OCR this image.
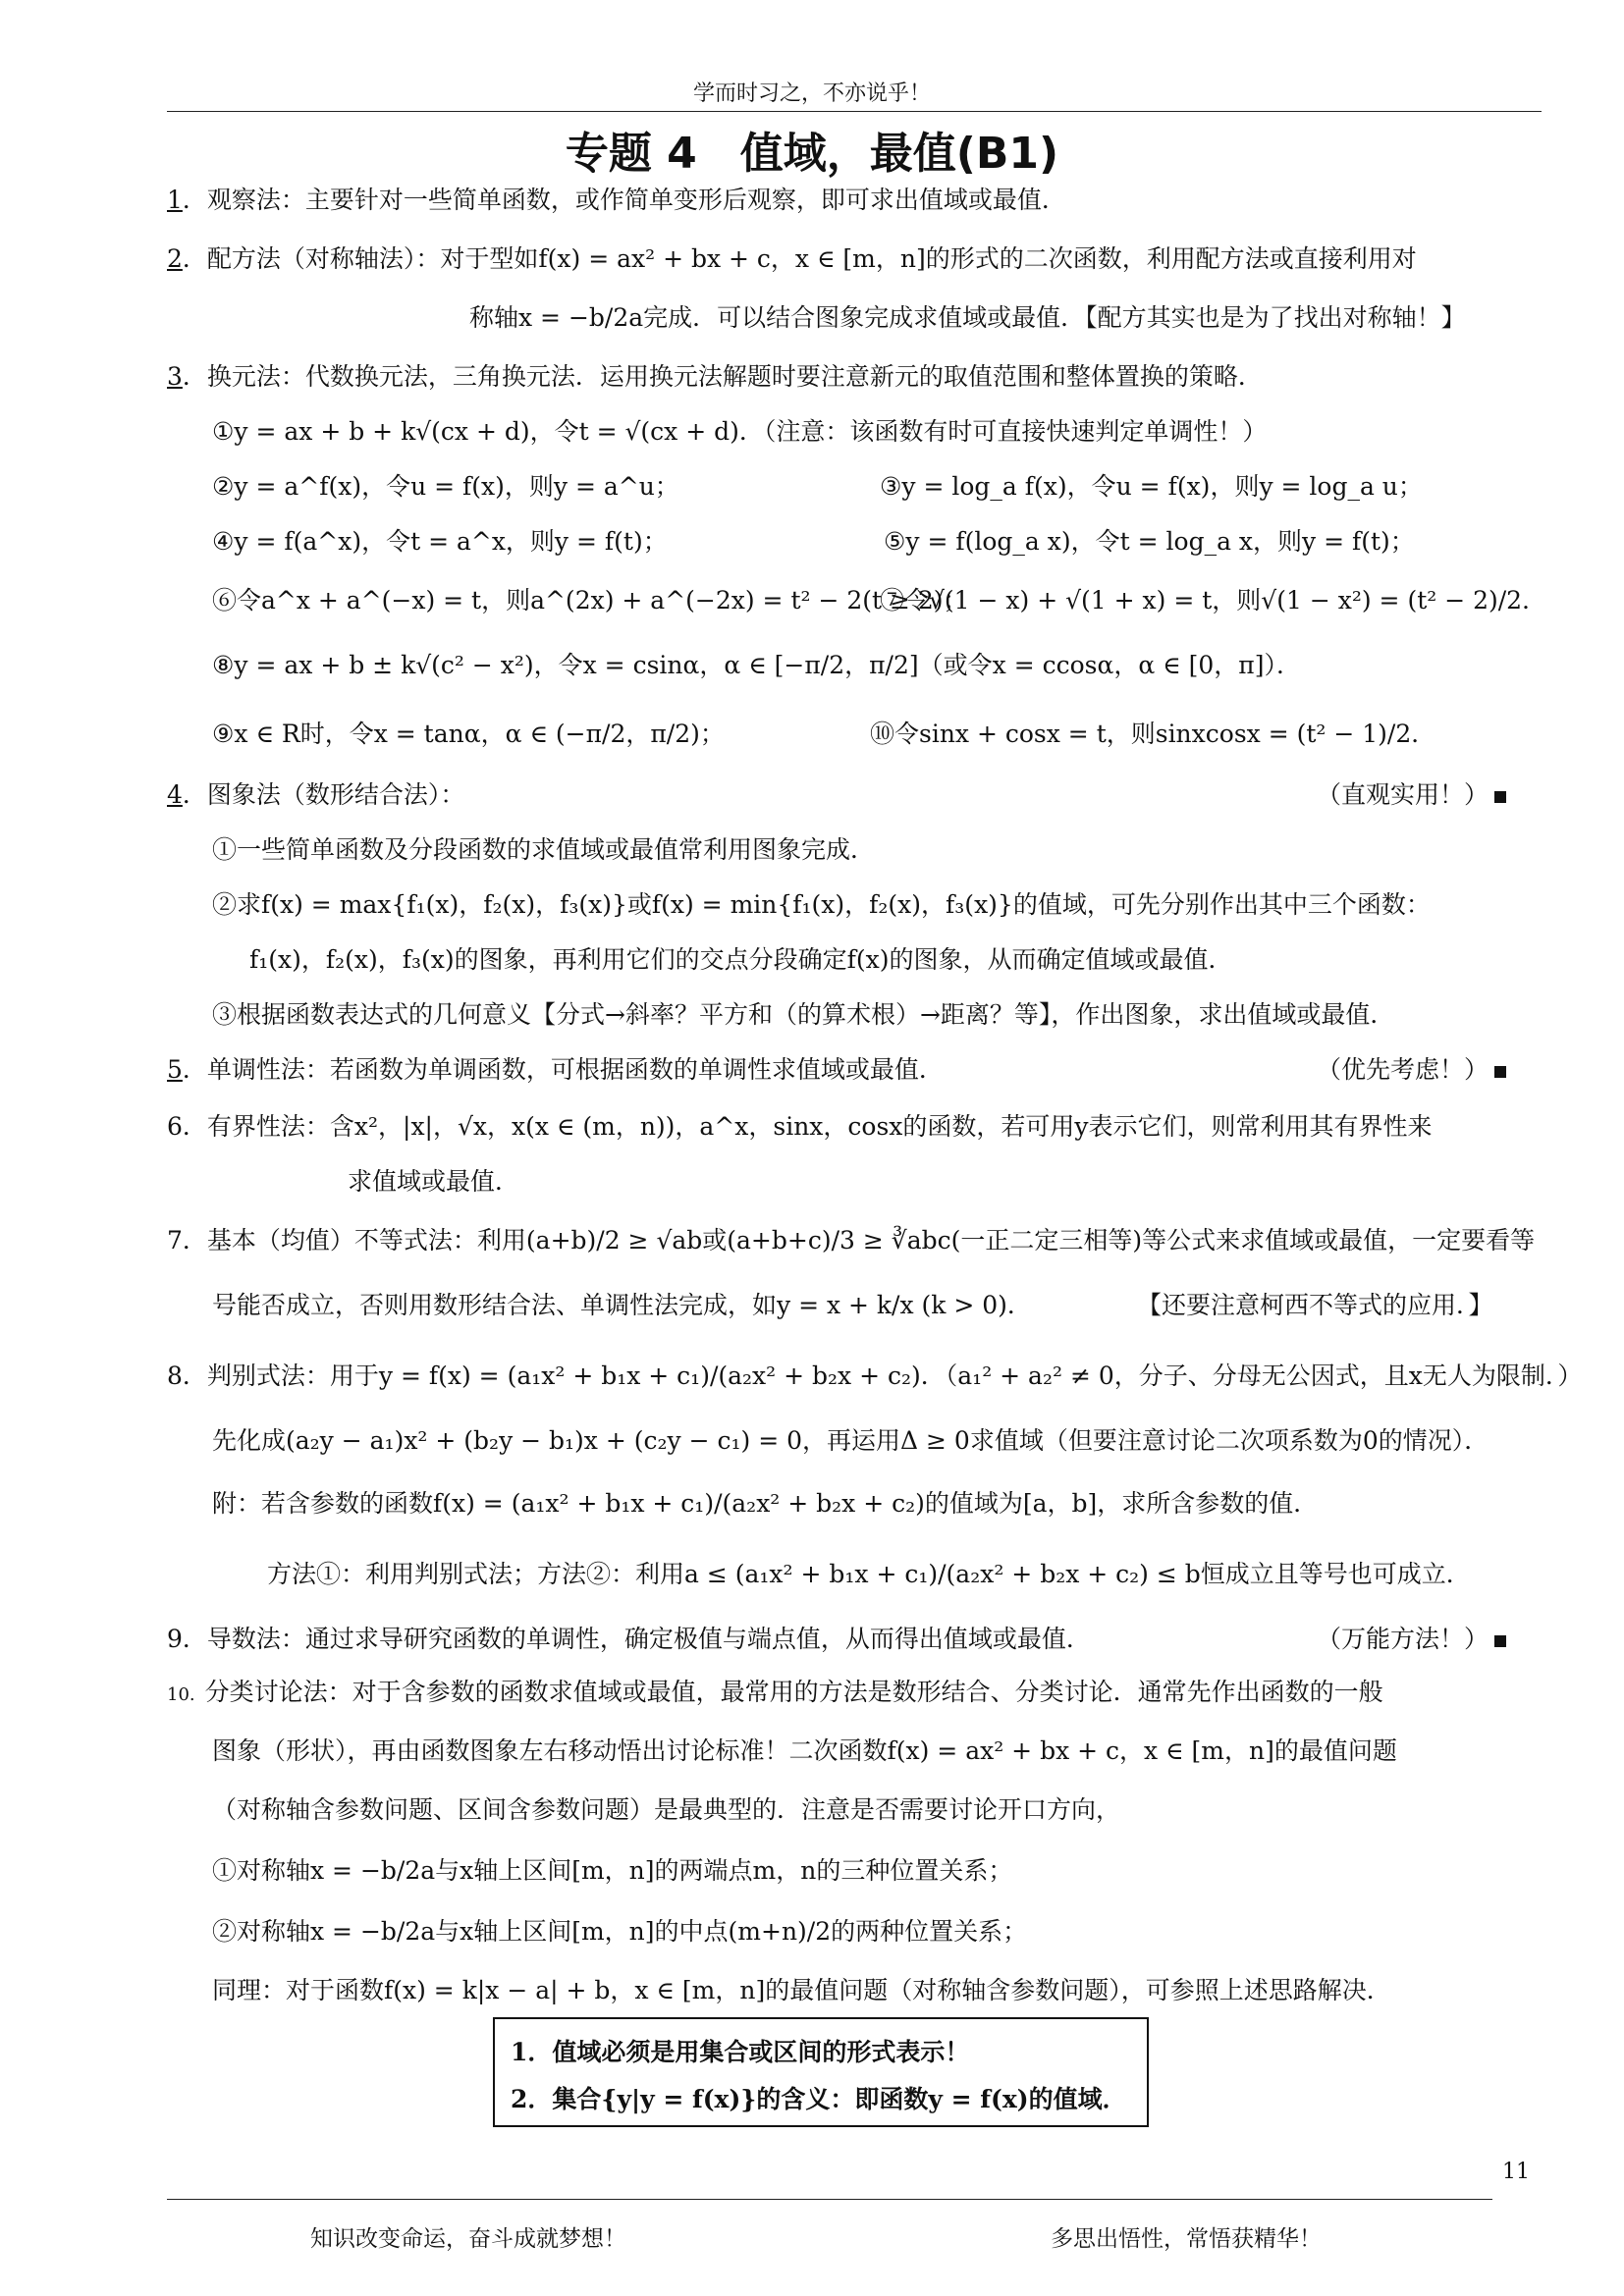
学而时习之，不亦说乎！
专题 4　值域，最值(B1)
1．观察法：主要针对一些简单函数，或作简单变形后观察，即可求出值域或最值．
2．配方法（对称轴法）：对于型如f(x) = ax² + bx + c，x ∈ [m，n]的形式的二次函数，利用配方法或直接利用对
称轴x = −b/2a完成．可以结合图象完成求值域或最值．【配方其实也是为了找出对称轴！】
3．换元法：代数换元法，三角换元法．运用换元法解题时要注意新元的取值范围和整体置换的策略．
①y = ax + b + k√(cx + d)，令t = √(cx + d)．（注意：该函数有时可直接快速判定单调性！）
②y = a^f(x)，令u = f(x)，则y = a^u；	③y = log_a f(x)，令u = f(x)，则y = log_a u；
④y = f(a^x)，令t = a^x，则y = f(t)；	⑤y = f(log_a x)，令t = log_a x，则y = f(t)；
⑥令a^x + a^(−x) = t，则a^(2x) + a^(−2x) = t² − 2(t ≥ 2)；
⑦令√(1 − x) + √(1 + x) = t，则√(1 − x²) = (t² − 2)/2．
⑧y = ax + b ± k√(c² − x²)，令x = csinα，α ∈ [−π/2，π/2]（或令x = ccosα，α ∈ [0，π]）．
⑨x ∈ R时，令x = tanα，α ∈ (−π/2，π/2)；	⑩令sinx + cosx = t，则sinxcosx = (t² − 1)/2．
4．图象法（数形结合法）：	（直观实用！）
①一些简单函数及分段函数的求值域或最值常利用图象完成．
②求f(x) = max{f₁(x)，f₂(x)，f₃(x)}或f(x) = min{f₁(x)，f₂(x)，f₃(x)}的值域，可先分别作出其中三个函数：
f₁(x)，f₂(x)，f₃(x)的图象，再利用它们的交点分段确定f(x)的图象，从而确定值域或最值．
③根据函数表达式的几何意义【分式→斜率？平方和（的算术根）→距离？等】，作出图象，求出值域或最值．
5．单调性法：若函数为单调函数，可根据函数的单调性求值域或最值．	（优先考虑！）
6．有界性法：含x²，|x|，√x，x(x ∈ (m，n))，a^x，sinx，cosx的函数，若可用y表示它们，则常利用其有界性来
求值域或最值．
7．基本（均值）不等式法：利用(a+b)/2 ≥ √ab或(a+b+c)/3 ≥ ∛abc(一正二定三相等)等公式来求值域或最值，一定要看等
号能否成立，否则用数形结合法、单调性法完成，如y = x + k/x (k > 0)．	【还要注意柯西不等式的应用．】
8．判别式法：用于y = f(x) = (a₁x² + b₁x + c₁)/(a₂x² + b₂x + c₂)．（a₁² + a₂² ≠ 0，分子、分母无公因式，且x无人为限制．）
先化成(a₂y − a₁)x² + (b₂y − b₁)x + (c₂y − c₁) = 0，再运用Δ ≥ 0求值域（但要注意讨论二次项系数为0的情况）．
附：若含参数的函数f(x) = (a₁x² + b₁x + c₁)/(a₂x² + b₂x + c₂)的值域为[a，b]，求所含参数的值．
方法①：利用判别式法；方法②：利用a ≤ (a₁x² + b₁x + c₁)/(a₂x² + b₂x + c₂) ≤ b恒成立且等号也可成立．
9．导数法：通过求导研究函数的单调性，确定极值与端点值，从而得出值域或最值．	（万能方法！）
10. 分类讨论法：对于含参数的函数求值域或最值，最常用的方法是数形结合、分类讨论．通常先作出函数的一般
图象（形状），再由函数图象左右移动悟出讨论标准！二次函数f(x) = ax² + bx + c，x ∈ [m，n]的最值问题
（对称轴含参数问题、区间含参数问题）是最典型的．注意是否需要讨论开口方向，
①对称轴x = −b/2a与x轴上区间[m，n]的两端点m，n的三种位置关系；
②对称轴x = −b/2a与x轴上区间[m，n]的中点(m+n)/2的两种位置关系；
同理：对于函数f(x) = k|x − a| + b，x ∈ [m，n]的最值问题（对称轴含参数问题），可参照上述思路解决．
1．值域必须是用集合或区间的形式表示！
2．集合{y|y = f(x)}的含义：即函数y = f(x)的值域．
11
知识改变命运，奋斗成就梦想！	多思出悟性，常悟获精华！
